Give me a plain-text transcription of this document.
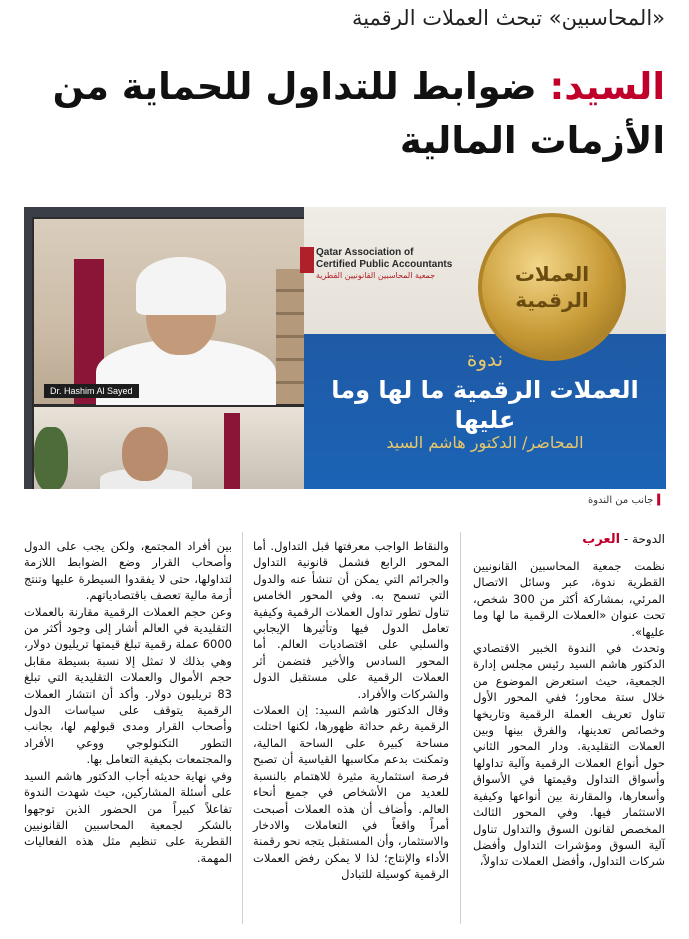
«المحاسبين» تبحث العملات الرقمية
السيد: ضوابط للتداول للحماية من الأزمات المالية
Dr. Hashim Al Sayed
العملات الرقمية
Qatar Association of
Certified Public Accountants
جمعية المحاسبين القانونيين القطرية
ندوة
العملات الرقمية ما لها وما عليها
المحاضر/ الدكتور هاشم السيد
▍جانب من الندوة
الدوحة - العرب
نظمت جمعية المحاسبين القانونيين القطرية ندوة، عبر وسائل الاتصال المرئي، بمشاركة أكثر من 300 شخص، تحت عنوان «العملات الرقمية ما لها وما عليها».
وتحدث في الندوة الخبير الاقتصادي الدكتور هاشم السيد رئيس مجلس إدارة الجمعية، حيث استعرض الموضوع من خلال ستة محاور؛ ففي المحور الأول تناول تعريف العملة الرقمية وتاريخها وخصائص تعدينها، والفرق بينها وبين العملات التقليدية. ودار المحور الثاني حول أنواع العملات الرقمية وآلية تداولها وأسواق التداول وقيمتها في الأسواق وأسعارها، والمقارنة بين أنواعها وكيفية الاستثمار فيها. وفي المحور الثالث المخصص لقانون السوق والتداول تناول آلية السوق ومؤشرات التداول وأفضل شركات التداول، وأفضل العملات تداولاً،
والنقاط الواجب معرفتها قبل التداول. أما المحور الرابع فشمل قانونية التداول والجرائم التي يمكن أن تنشأ عنه والدول التي تسمح به. وفي المحور الخامس تناول تطور تداول العملات الرقمية وكيفية تعامل الدول فيها وتأثيرها الإيجابي والسلبي على اقتصاديات العالم. أما المحور السادس والأخير فتضمن أثر العملات الرقمية على مستقبل الدول والشركات والأفراد.
وقال الدكتور هاشم السيد: إن العملات الرقمية رغم حداثة ظهورها، لكنها احتلت مساحة كبيرة على الساحة المالية، وتمكنت بدعم مكاسبها القياسية أن تصبح فرصة استثمارية مثيرة للاهتمام بالنسبة للعديد من الأشخاص في جميع أنحاء العالم. وأضاف أن هذه العملات أصبحت أمراً واقعاً في التعاملات والادخار والاستثمار، وأن المستقبل يتجه نحو رقمنة الأداء والإنتاج؛ لذا لا يمكن رفض العملات الرقمية كوسيلة للتبادل
بين أفراد المجتمع، ولكن يجب على الدول وأصحاب القرار وضع الضوابط اللازمة لتداولها، حتى لا يفقدوا السيطرة عليها وتنتج أزمة مالية تعصف باقتصادياتهم.
وعن حجم العملات الرقمية مقارنة بالعملات التقليدية في العالم أشار إلى وجود أكثر من 6000 عملة رقمية تبلغ قيمتها تريليون دولار، وهي بذلك لا تمثل إلا نسبة بسيطة مقابل حجم الأموال والعملات التقليدية التي تبلغ 83 تريليون دولار. وأكد أن انتشار العملات الرقمية يتوقف على سياسات الدول وأصحاب القرار ومدى قبولهم لها، بجانب التطور التكنولوجي ووعي الأفراد والمجتمعات بكيفية التعامل بها.
وفي نهاية حديثه أجاب الدكتور هاشم السيد على أسئلة المشاركين، حيث شهدت الندوة تفاعلاً كبيراً من الحضور الذين توجهوا بالشكر لجمعية المحاسبين القانونيين القطرية على تنظيم مثل هذه الفعاليات المهمة.
